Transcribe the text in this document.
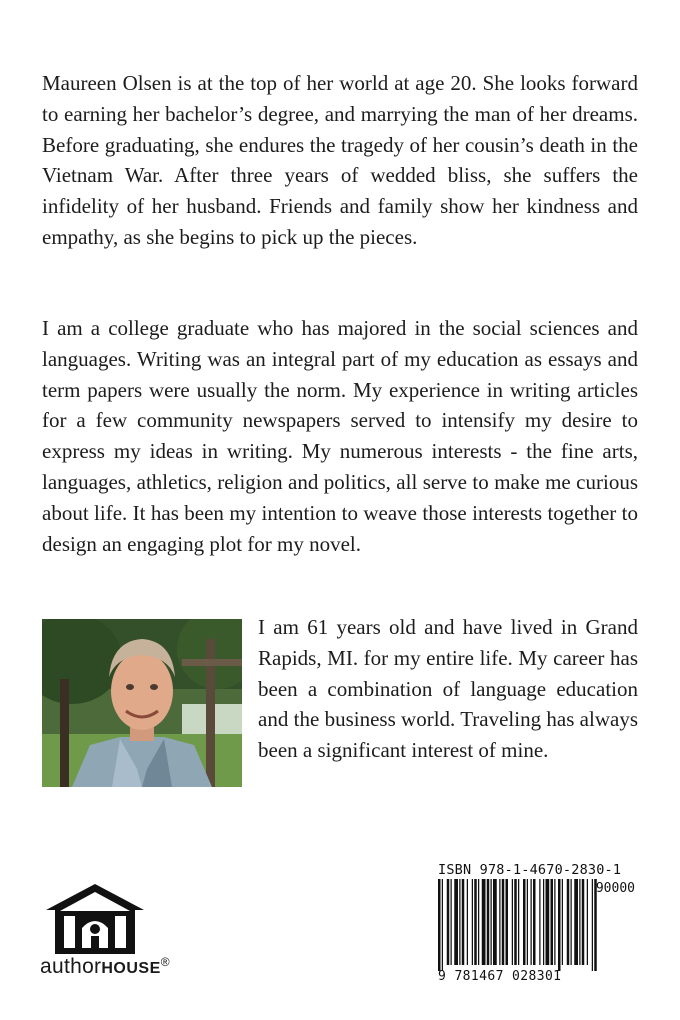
Maureen Olsen is at the top of her world at age 20. She looks forward to earning her bachelor’s degree, and marrying the man of her dreams. Before graduating, she endures the tragedy of her cousin’s death in the Vietnam War. After three years of wedded bliss, she suffers the infidelity of her husband. Friends and family show her kindness and empathy, as she begins to pick up the pieces.

I am a college graduate who has majored in the social sciences and languages. Writing was an integral part of my education as essays and term papers were usually the norm. My experience in writing articles for a few community newspapers served to intensify my desire to express my ideas in writing. My numerous interests - the fine arts, languages, athletics, religion and politics, all serve to make me curious about life. It has been my intention to weave those interests together to design an engaging plot for my novel.

I am 61 years old and have lived in Grand Rapids, MI. for my entire life. My career has been a combination of language education and the business world. Traveling has always been a significant interest of mine.

authorHOUSE®
ISBN 978-1-4670-2830-1
90000
9 781467 028301
